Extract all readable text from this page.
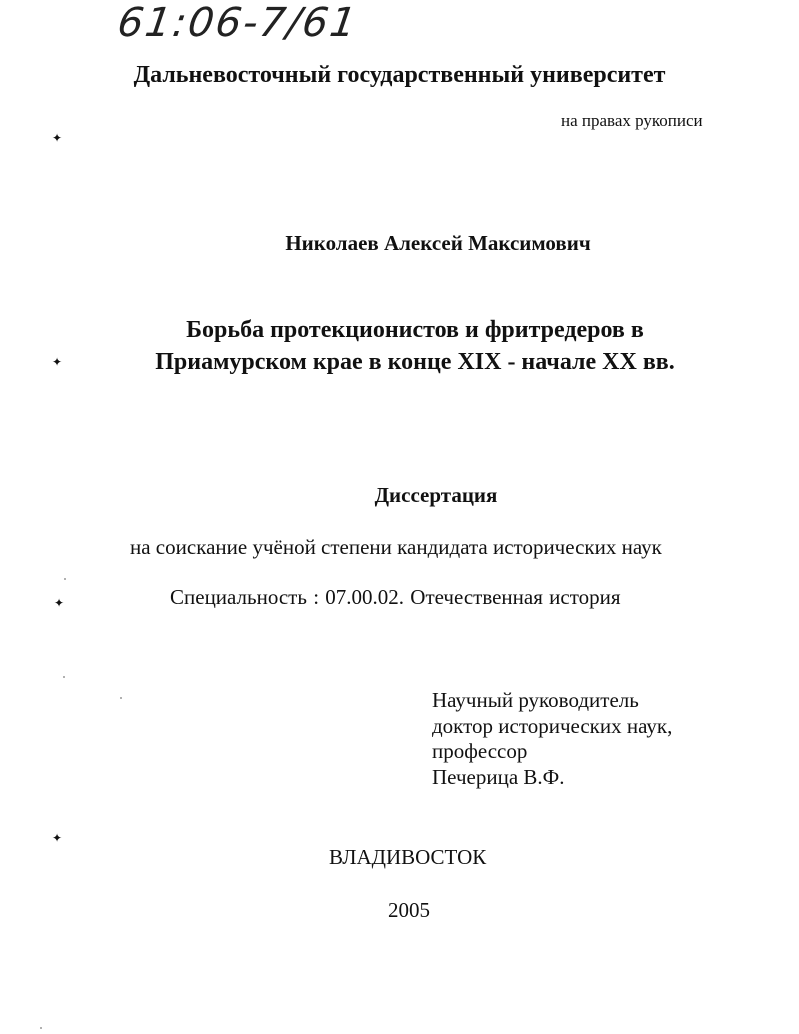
61:06-7/61
Дальневосточный государственный университет
на правах рукописи
Николаев Алексей Максимович
Борьба протекционистов и фритредеров в
Приамурском крае в конце XIX - начале XX вв.
Диссертация
на соискание учёной степени кандидата исторических наук
Специальность : 07.00.02. Отечественная история
Научный руководитель
доктор исторических наук,
профессор
Печерица В.Ф.
ВЛАДИВОСТОК
2005
✦
✦
✦
✦
